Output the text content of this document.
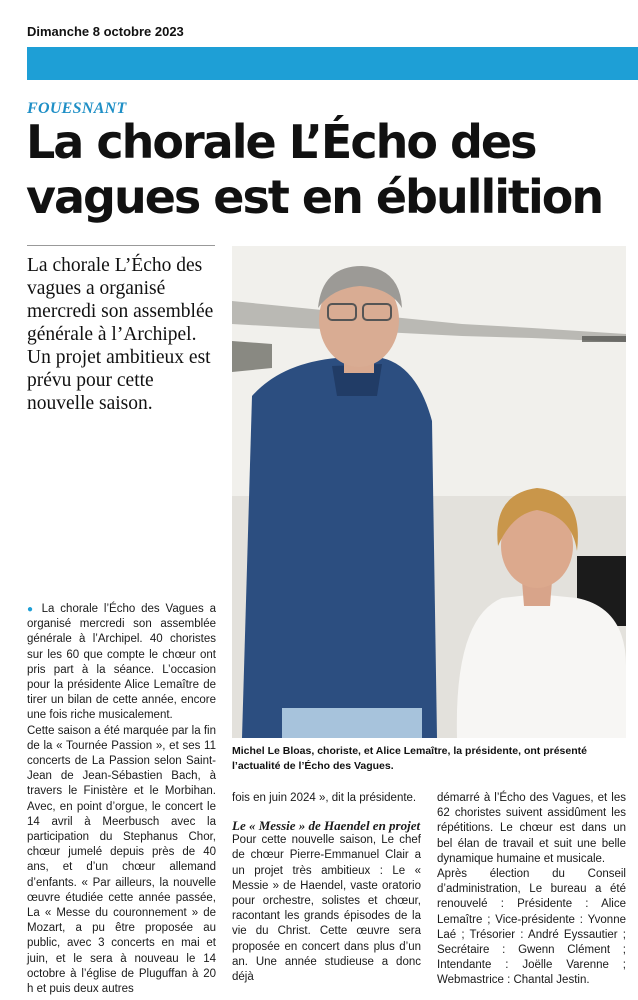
Dimanche 8 octobre 2023
FOUESNANT
La chorale L’Écho des vagues est en ébullition

La chorale L’Écho des vagues a organisé mercredi son assemblée générale à l’Archipel. Un projet ambitieux est prévu pour cette nouvelle saison.

Michel Le Bloas, choriste, et Alice Lemaître, la présidente, ont présenté l’actualité de l’Écho des Vagues.

● La chorale l’Écho des Vagues a organisé mercredi son assemblée générale à l’Archipel. 40 choristes sur les 60 que compte le chœur ont pris part à la séance. L’occasion pour la présidente Alice Lemaître de tirer un bilan de cette année, encore une fois riche musicalement.

Cette saison a été marquée par la fin de la « Tournée Passion », et ses 11 concerts de La Passion selon Saint-Jean de Jean-Sébastien Bach, à travers le Finistère et le Morbihan. Avec, en point d’orgue, le concert le 14 avril à Meerbusch avec la participation du Stephanus Chor, chœur jumelé depuis près de 40 ans, et d’un chœur allemand d’enfants. « Par ailleurs, la nouvelle œuvre étudiée cette année passée, La « Messe du couronnement » de Mozart, a pu être proposée au public, avec 3 concerts en mai et juin, et le sera à nouveau le 14 octobre à l’église de Pluguffan à 20 h et puis deux autres

fois en juin 2024 », dit la présidente.

Le « Messie » de Haendel en projet

Pour cette nouvelle saison, Le chef de chœur Pierre-Emmanuel Clair a un projet très ambitieux : Le « Messie » de Haendel, vaste oratorio pour orchestre, solistes et chœur, racontant les grands épisodes de la vie du Christ. Cette œuvre sera proposée en concert dans plus d’un an. Une année studieuse a donc déjà

démarré à l’Écho des Vagues, et les 62 choristes suivent assidûment les répétitions. Le chœur est dans un bel élan de travail et suit une belle dynamique humaine et musicale.

Après élection du Conseil d’administration, Le bureau a été renouvelé : Présidente : Alice Lemaître ; Vice-présidente : Yvonne Laé ; Trésorier : André Eyssautier ; Secrétaire : Gwenn Clément ; Intendante : Joëlle Varenne ; Webmastrice : Chantal Jestin.
